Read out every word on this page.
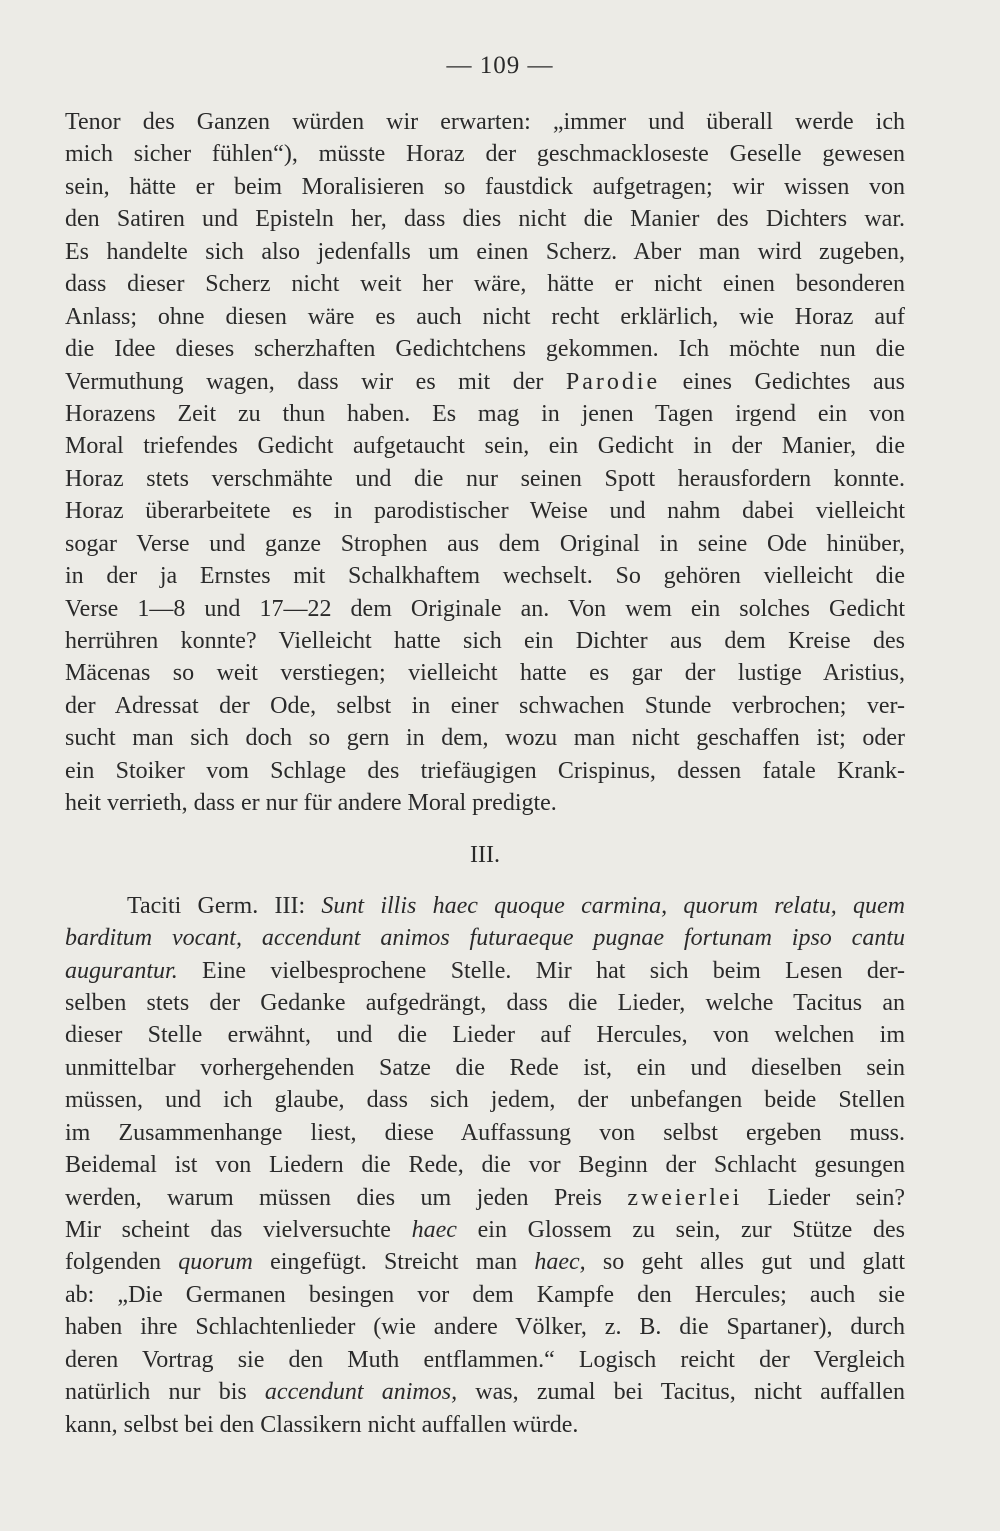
— 109 —
Tenor des Ganzen würden wir erwarten: „immer und überall werde ich
mich sicher fühlen“), müsste Horaz der geschmackloseste Geselle gewesen
sein, hätte er beim Moralisieren so faustdick aufgetragen; wir wissen von
den Satiren und Episteln her, dass dies nicht die Manier des Dichters war.
Es handelte sich also jedenfalls um einen Scherz. Aber man wird zugeben,
dass dieser Scherz nicht weit her wäre, hätte er nicht einen besonderen
Anlass; ohne diesen wäre es auch nicht recht erklärlich, wie Horaz auf
die Idee dieses scherzhaften Gedichtchens gekommen. Ich möchte nun die
Vermuthung wagen, dass wir es mit der Parodie eines Gedichtes aus
Horazens Zeit zu thun haben. Es mag in jenen Tagen irgend ein von
Moral triefendes Gedicht aufgetaucht sein, ein Gedicht in der Manier, die
Horaz stets verschmähte und die nur seinen Spott herausfordern konnte.
Horaz überarbeitete es in parodistischer Weise und nahm dabei vielleicht
sogar Verse und ganze Strophen aus dem Original in seine Ode hinüber,
in der ja Ernstes mit Schalkhaftem wechselt. So gehören vielleicht die
Verse 1—8 und 17—22 dem Originale an. Von wem ein solches Gedicht
herrühren konnte? Vielleicht hatte sich ein Dichter aus dem Kreise des
Mäcenas so weit verstiegen; vielleicht hatte es gar der lustige Aristius,
der Adressat der Ode, selbst in einer schwachen Stunde verbrochen; ver-
sucht man sich doch so gern in dem, wozu man nicht geschaffen ist; oder
ein Stoiker vom Schlage des triefäugigen Crispinus, dessen fatale Krank-
heit verrieth, dass er nur für andere Moral predigte.
III.
Taciti Germ. III: Sunt illis haec quoque carmina, quorum relatu, quem
barditum vocant, accendunt animos futuraeque pugnae fortunam ipso cantu
augurantur. Eine vielbesprochene Stelle. Mir hat sich beim Lesen der-
selben stets der Gedanke aufgedrängt, dass die Lieder, welche Tacitus an
dieser Stelle erwähnt, und die Lieder auf Hercules, von welchen im
unmittelbar vorhergehenden Satze die Rede ist, ein und dieselben sein
müssen, und ich glaube, dass sich jedem, der unbefangen beide Stellen
im Zusammenhange liest, diese Auffassung von selbst ergeben muss.
Beidemal ist von Liedern die Rede, die vor Beginn der Schlacht gesungen
werden, warum müssen dies um jeden Preis zweierlei Lieder sein?
Mir scheint das vielversuchte haec ein Glossem zu sein, zur Stütze des
folgenden quorum eingefügt. Streicht man haec, so geht alles gut und glatt
ab: „Die Germanen besingen vor dem Kampfe den Hercules; auch sie
haben ihre Schlachtenlieder (wie andere Völker, z. B. die Spartaner), durch
deren Vortrag sie den Muth entflammen.“ Logisch reicht der Vergleich
natürlich nur bis accendunt animos, was, zumal bei Tacitus, nicht auffallen
kann, selbst bei den Classikern nicht auffallen würde.
